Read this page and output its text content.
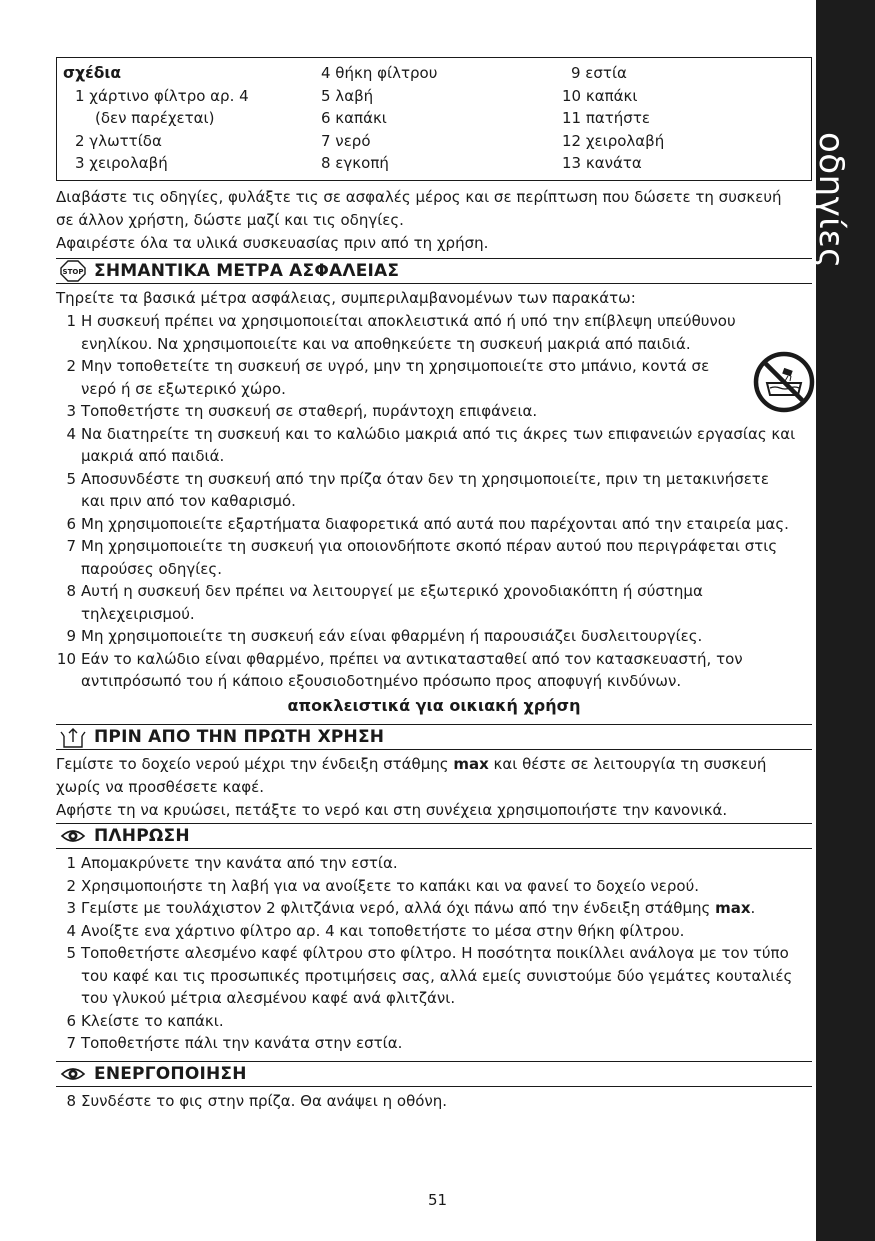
οδηγίες
σχέδια
1 χάρτινο φίλτρο αρ. 4
(δεν παρέχεται)
2 γλωττίδα
3 χειρολαβή
4 θήκη φίλτρου
5 λαβή
6 καπάκι
7 νερό
8 εγκοπή
9 εστία
10 καπάκι
11 πατήστε
12 χειρολαβή
13 κανάτα
Διαβάστε τις οδηγίες, φυλάξτε τις σε ασφαλές μέρος και σε περίπτωση που δώσετε τη συσκευή
σε άλλον χρήστη, δώστε μαζί και τις οδηγίες.
Αφαιρέστε όλα τα υλικά συσκευασίας πριν από τη χρήση.
STOP ΣΗΜΑΝΤΙΚΑ ΜΕΤΡΑ ΑΣΦΑΛΕΙΑΣ
Τηρείτε τα βασικά μέτρα ασφάλειας, συμπεριλαμβανομένων των παρακάτω:
1 Η συσκευή πρέπει να χρησιμοποιείται αποκλειστικά από ή υπό την επίβλεψη υπεύθυνου
ενηλίκου. Να χρησιμοποιείτε και να αποθηκεύετε τη συσκευή μακριά από παιδιά.
2 Μην τοποθετείτε τη συσκευή σε υγρό, μην τη χρησιμοποιείτε στο μπάνιο, κοντά σε
νερό ή σε εξωτερικό χώρο.
3 Τοποθετήστε τη συσκευή σε σταθερή, πυράντοχη επιφάνεια.
4 Να διατηρείτε τη συσκευή και το καλώδιο μακριά από τις άκρες των επιφανειών εργασίας και
μακριά από παιδιά.
5 Αποσυνδέστε τη συσκευή από την πρίζα όταν δεν τη χρησιμοποιείτε, πριν τη μετακινήσετε
και πριν από τον καθαρισμό.
6 Μη χρησιμοποιείτε εξαρτήματα διαφορετικά από αυτά που παρέχονται από την εταιρεία μας.
7 Μη χρησιμοποιείτε τη συσκευή για οποιονδήποτε σκοπό πέραν αυτού που περιγράφεται στις
παρούσες οδηγίες.
8 Αυτή η συσκευή δεν πρέπει να λειτουργεί με εξωτερικό χρονοδιακόπτη ή σύστημα
τηλεχειρισμού.
9 Μη χρησιμοποιείτε τη συσκευή εάν είναι φθαρμένη ή παρουσιάζει δυσλειτουργίες.
10 Εάν το καλώδιο είναι φθαρμένο, πρέπει να αντικατασταθεί από τον κατασκευαστή, τον
αντιπρόσωπό του ή κάποιο εξουσιοδοτημένο πρόσωπο προς αποφυγή κινδύνων.
αποκλειστικά για οικιακή χρήση
ΠΡΙΝ ΑΠΟ ΤΗΝ ΠΡΩΤΗ ΧΡΗΣΗ
Γεμίστε το δοχείο νερού μέχρι την ένδειξη στάθμης max και θέστε σε λειτουργία τη συσκευή
χωρίς να προσθέσετε καφέ.
Αφήστε τη να κρυώσει, πετάξτε το νερό και στη συνέχεια χρησιμοποιήστε την κανονικά.
ΠΛΗΡΩΣΗ
1 Απομακρύνετε την κανάτα από την εστία.
2 Χρησιμοποιήστε τη λαβή για να ανοίξετε το καπάκι και να φανεί το δοχείο νερού.
3 Γεμίστε με τουλάχιστον 2 φλιτζάνια νερό, αλλά όχι πάνω από την ένδειξη στάθμης max.
4 Ανοίξτε ενα χάρτινο φίλτρο αρ. 4 και τοποθετήστε το μέσα στην θήκη φίλτρου.
5 Τοποθετήστε αλεσμένο καφέ φίλτρου στο φίλτρο. Η ποσότητα ποικίλλει ανάλογα με τον τύπο
του καφέ και τις προσωπικές προτιμήσεις σας, αλλά εμείς συνιστούμε δύο γεμάτες κουταλιές
του γλυκού μέτρια αλεσμένου καφέ ανά φλιτζάνι.
6 Κλείστε το καπάκι.
7 Τοποθετήστε πάλι την κανάτα στην εστία.
ΕΝΕΡΓΟΠΟΙΗΣΗ
8 Συνδέστε το φις στην πρίζα. Θα ανάψει η οθόνη.
51
